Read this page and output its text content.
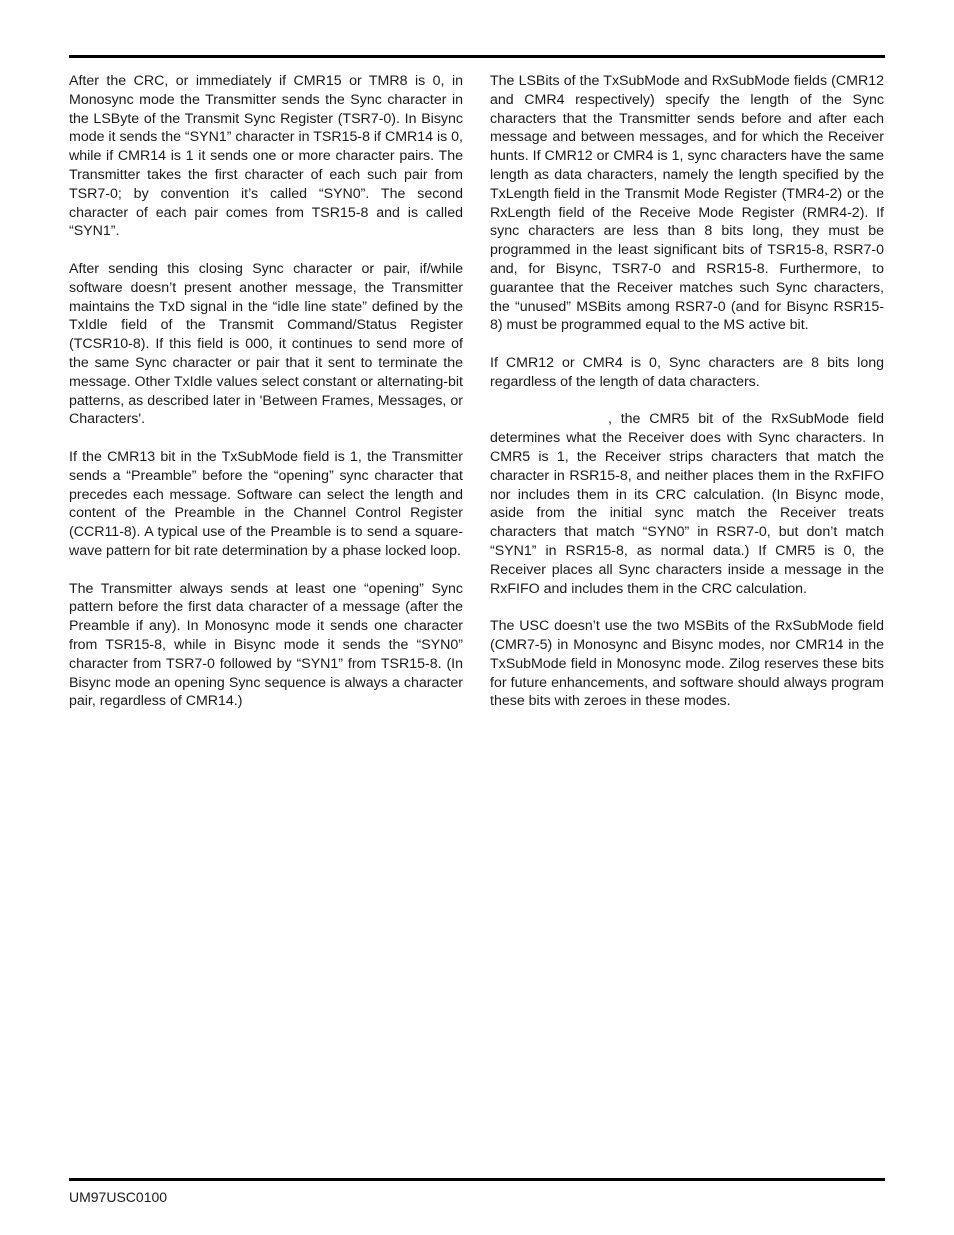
After the CRC, or immediately if CMR15 or TMR8 is 0, in Monosync mode the Transmitter sends the Sync character in the LSByte of the Transmit Sync Register (TSR7-0). In Bisync mode it sends the “SYN1” character in TSR15-8 if CMR14 is 0, while if CMR14 is 1 it sends one or more character pairs. The Transmitter takes the first character of each such pair from TSR7-0; by convention it’s called “SYN0”. The second character of each pair comes from TSR15-8 and is called “SYN1”.

After sending this closing Sync character or pair, if/while software doesn’t present another message, the Transmitter maintains the TxD signal in the “idle line state” defined by the TxIdle field of the Transmit Command/Status Register (TCSR10-8). If this field is 000, it continues to send more of the same Sync character or pair that it sent to terminate the message. Other TxIdle values select constant or alternating-bit patterns, as described later in 'Between Frames, Messages, or Characters'.

If the CMR13 bit in the TxSubMode field is 1, the Transmitter sends a “Preamble” before the “opening” sync character that precedes each message. Software can select the length and content of the Preamble in the Channel Control Register (CCR11-8). A typical use of the Preamble is to send a square-wave pattern for bit rate determination by a phase locked loop.

The Transmitter always sends at least one “opening” Sync pattern before the first data character of a message (after the Preamble if any). In Monosync mode it sends one character from TSR15-8, while in Bisync mode it sends the “SYN0” character from TSR7-0 followed by “SYN1” from TSR15-8. (In Bisync mode an opening Sync sequence is always a character pair, regardless of CMR14.)

The LSBits of the TxSubMode and RxSubMode fields (CMR12 and CMR4 respectively) specify the length of the Sync characters that the Transmitter sends before and after each message and between messages, and for which the Receiver hunts. If CMR12 or CMR4 is 1, sync characters have the same length as data characters, namely the length specified by the TxLength field in the Transmit Mode Register (TMR4-2) or the RxLength field of the Receive Mode Register (RMR4-2). If sync characters are less than 8 bits long, they must be programmed in the least significant bits of TSR15-8, RSR7-0 and, for Bisync, TSR7-0 and RSR15-8. Furthermore, to guarantee that the Receiver matches such Sync characters, the “unused” MSBits among RSR7-0 (and for Bisync RSR15-8) must be programmed equal to the MS active bit.

If CMR12 or CMR4 is 0, Sync characters are 8 bits long regardless of the length of data characters.

, the CMR5 bit of the RxSubMode field determines what the Receiver does with Sync characters. In CMR5 is 1, the Receiver strips characters that match the character in RSR15-8, and neither places them in the RxFIFO nor includes them in its CRC calculation. (In Bisync mode, aside from the initial sync match the Receiver treats characters that match “SYN0” in RSR7-0, but don’t match “SYN1” in RSR15-8, as normal data.) If CMR5 is 0, the Receiver places all Sync characters inside a message in the RxFIFO and includes them in the CRC calculation.

The USC doesn’t use the two MSBits of the RxSubMode field (CMR7-5) in Monosync and Bisync modes, nor CMR14 in the TxSubMode field in Monosync mode. Zilog reserves these bits for future enhancements, and software should always program these bits with zeroes in these modes.

UM97USC0100
